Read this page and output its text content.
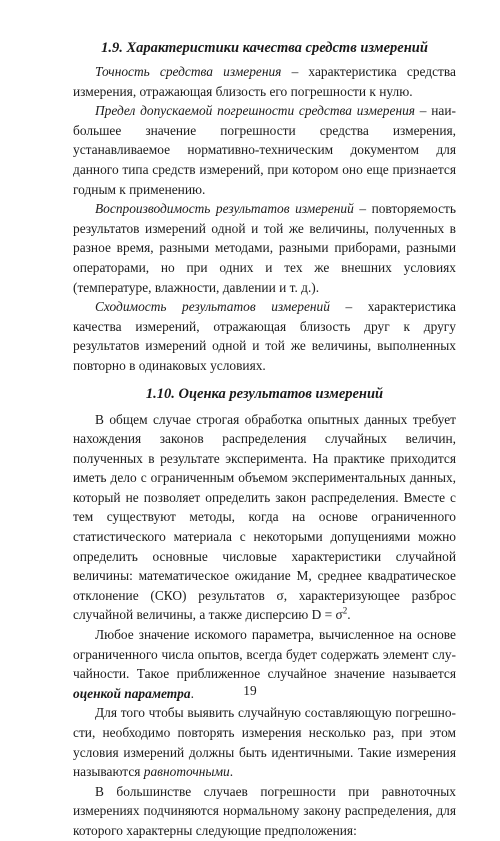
1.9. Характеристики качества средств измерений

Точность средства измерения – характеристика средства измерения, отражающая близость его погрешности к нулю.

Предел допускаемой погрешности средства измерения – наибольшее значение погрешности средства измерения, устанавливаемое нормативно-техническим документом для данного типа средств измерений, при котором оно еще признается годным к применению.

Воспроизводимость результатов измерений – повторяемость результатов измерений одной и той же величины, полученных в разное время, разными методами, разными приборами, разными операторами, но при одних и тех же внешних условиях (температуре, влажности, давлении и т. д.).

Сходимость результатов измерений – характеристика качества измерений, отражающая близость друг к другу результатов измерений одной и той же величины, выполненных повторно в одинаковых условиях.

1.10. Оценка результатов измерений

В общем случае строгая обработка опытных данных требует нахождения законов распределения случайных величин, полученных в результате эксперимента. На практике приходится иметь дело с ограниченным объемом экспериментальных данных, который не позволяет определить закон распределения. Вместе с тем существуют методы, когда на основе ограниченного статистического материала с некоторыми допущениями можно определить основные числовые характеристики случайной величины: математическое ожидание М, среднее квадратическое отклонение (СКО) результатов σ, характеризующее разброс случайной величины, а также дисперсию $D = \sigma^2$.

Любое значение искомого параметра, вычисленное на основе ограниченного числа опытов, всегда будет содержать элемент случайности. Такое приближенное случайное значение называется оценкой параметра.

Для того чтобы выявить случайную составляющую погрешности, необходимо повторять измерения несколько раз, при этом условия измерений должны быть идентичными. Такие измерения называются равноточными.

В большинстве случаев погрешности при равноточных измерениях подчиняются нормальному закону распределения, для которого характерны следующие предположения:

19
